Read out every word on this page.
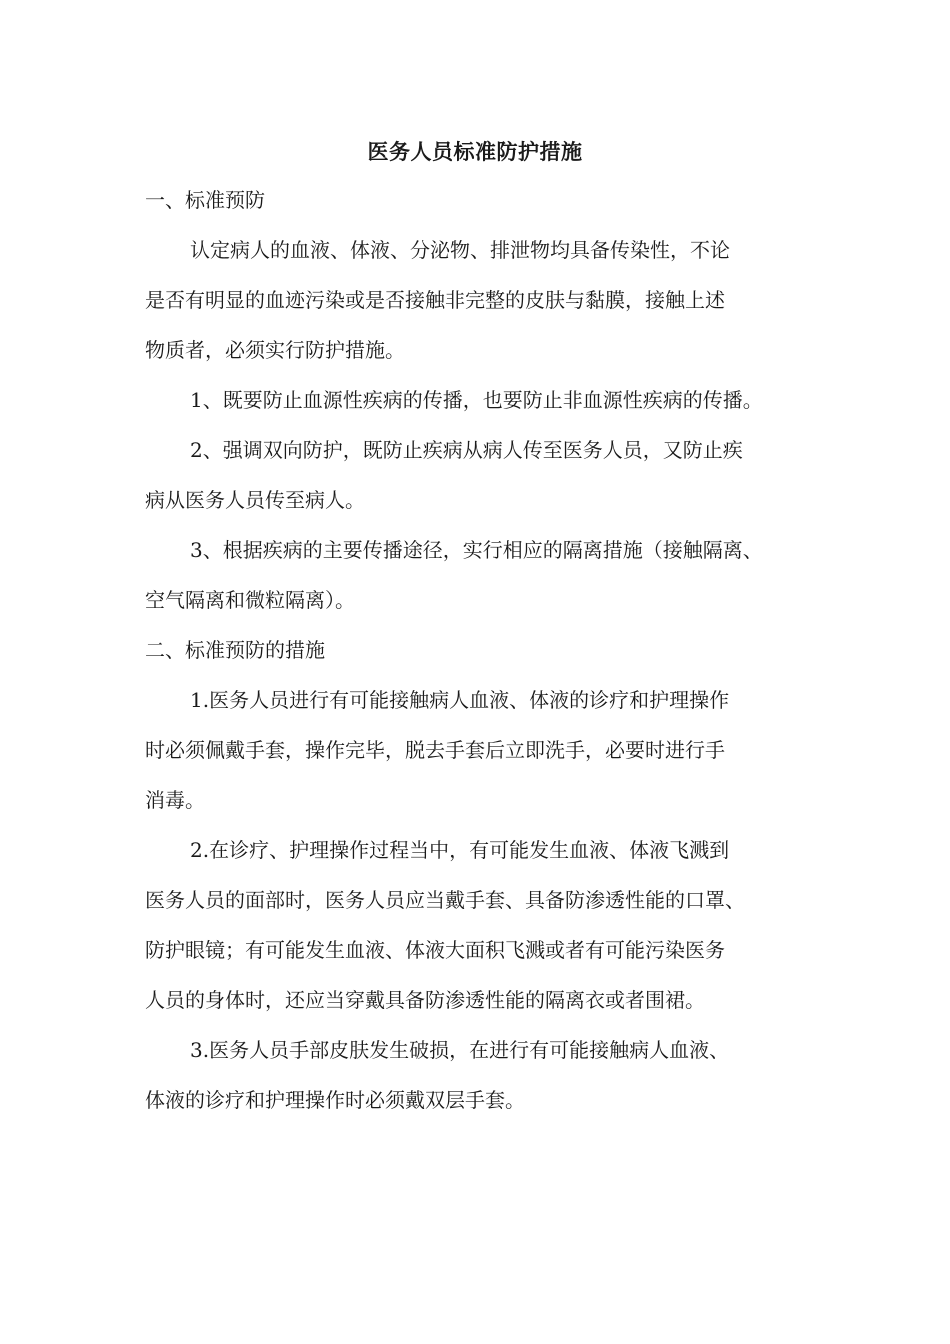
医务人员标准防护措施
一、标准预防
认定病人的血液、体液、分泌物、排泄物均具备传染性，不论
是否有明显的血迹污染或是否接触非完整的皮肤与黏膜，接触上述
物质者，必须实行防护措施。
1、既要防止血源性疾病的传播，也要防止非血源性疾病的传播。
2、强调双向防护，既防止疾病从病人传至医务人员，又防止疾
病从医务人员传至病人。
3、根据疾病的主要传播途径，实行相应的隔离措施（接触隔离、
空气隔离和微粒隔离）。
二、标准预防的措施
1.医务人员进行有可能接触病人血液、体液的诊疗和护理操作
时必须佩戴手套，操作完毕，脱去手套后立即洗手，必要时进行手
消毒。
2.在诊疗、护理操作过程当中，有可能发生血液、体液飞溅到
医务人员的面部时，医务人员应当戴手套、具备防渗透性能的口罩、
防护眼镜；有可能发生血液、体液大面积飞溅或者有可能污染医务
人员的身体时，还应当穿戴具备防渗透性能的隔离衣或者围裙。
3.医务人员手部皮肤发生破损，在进行有可能接触病人血液、
体液的诊疗和护理操作时必须戴双层手套。
